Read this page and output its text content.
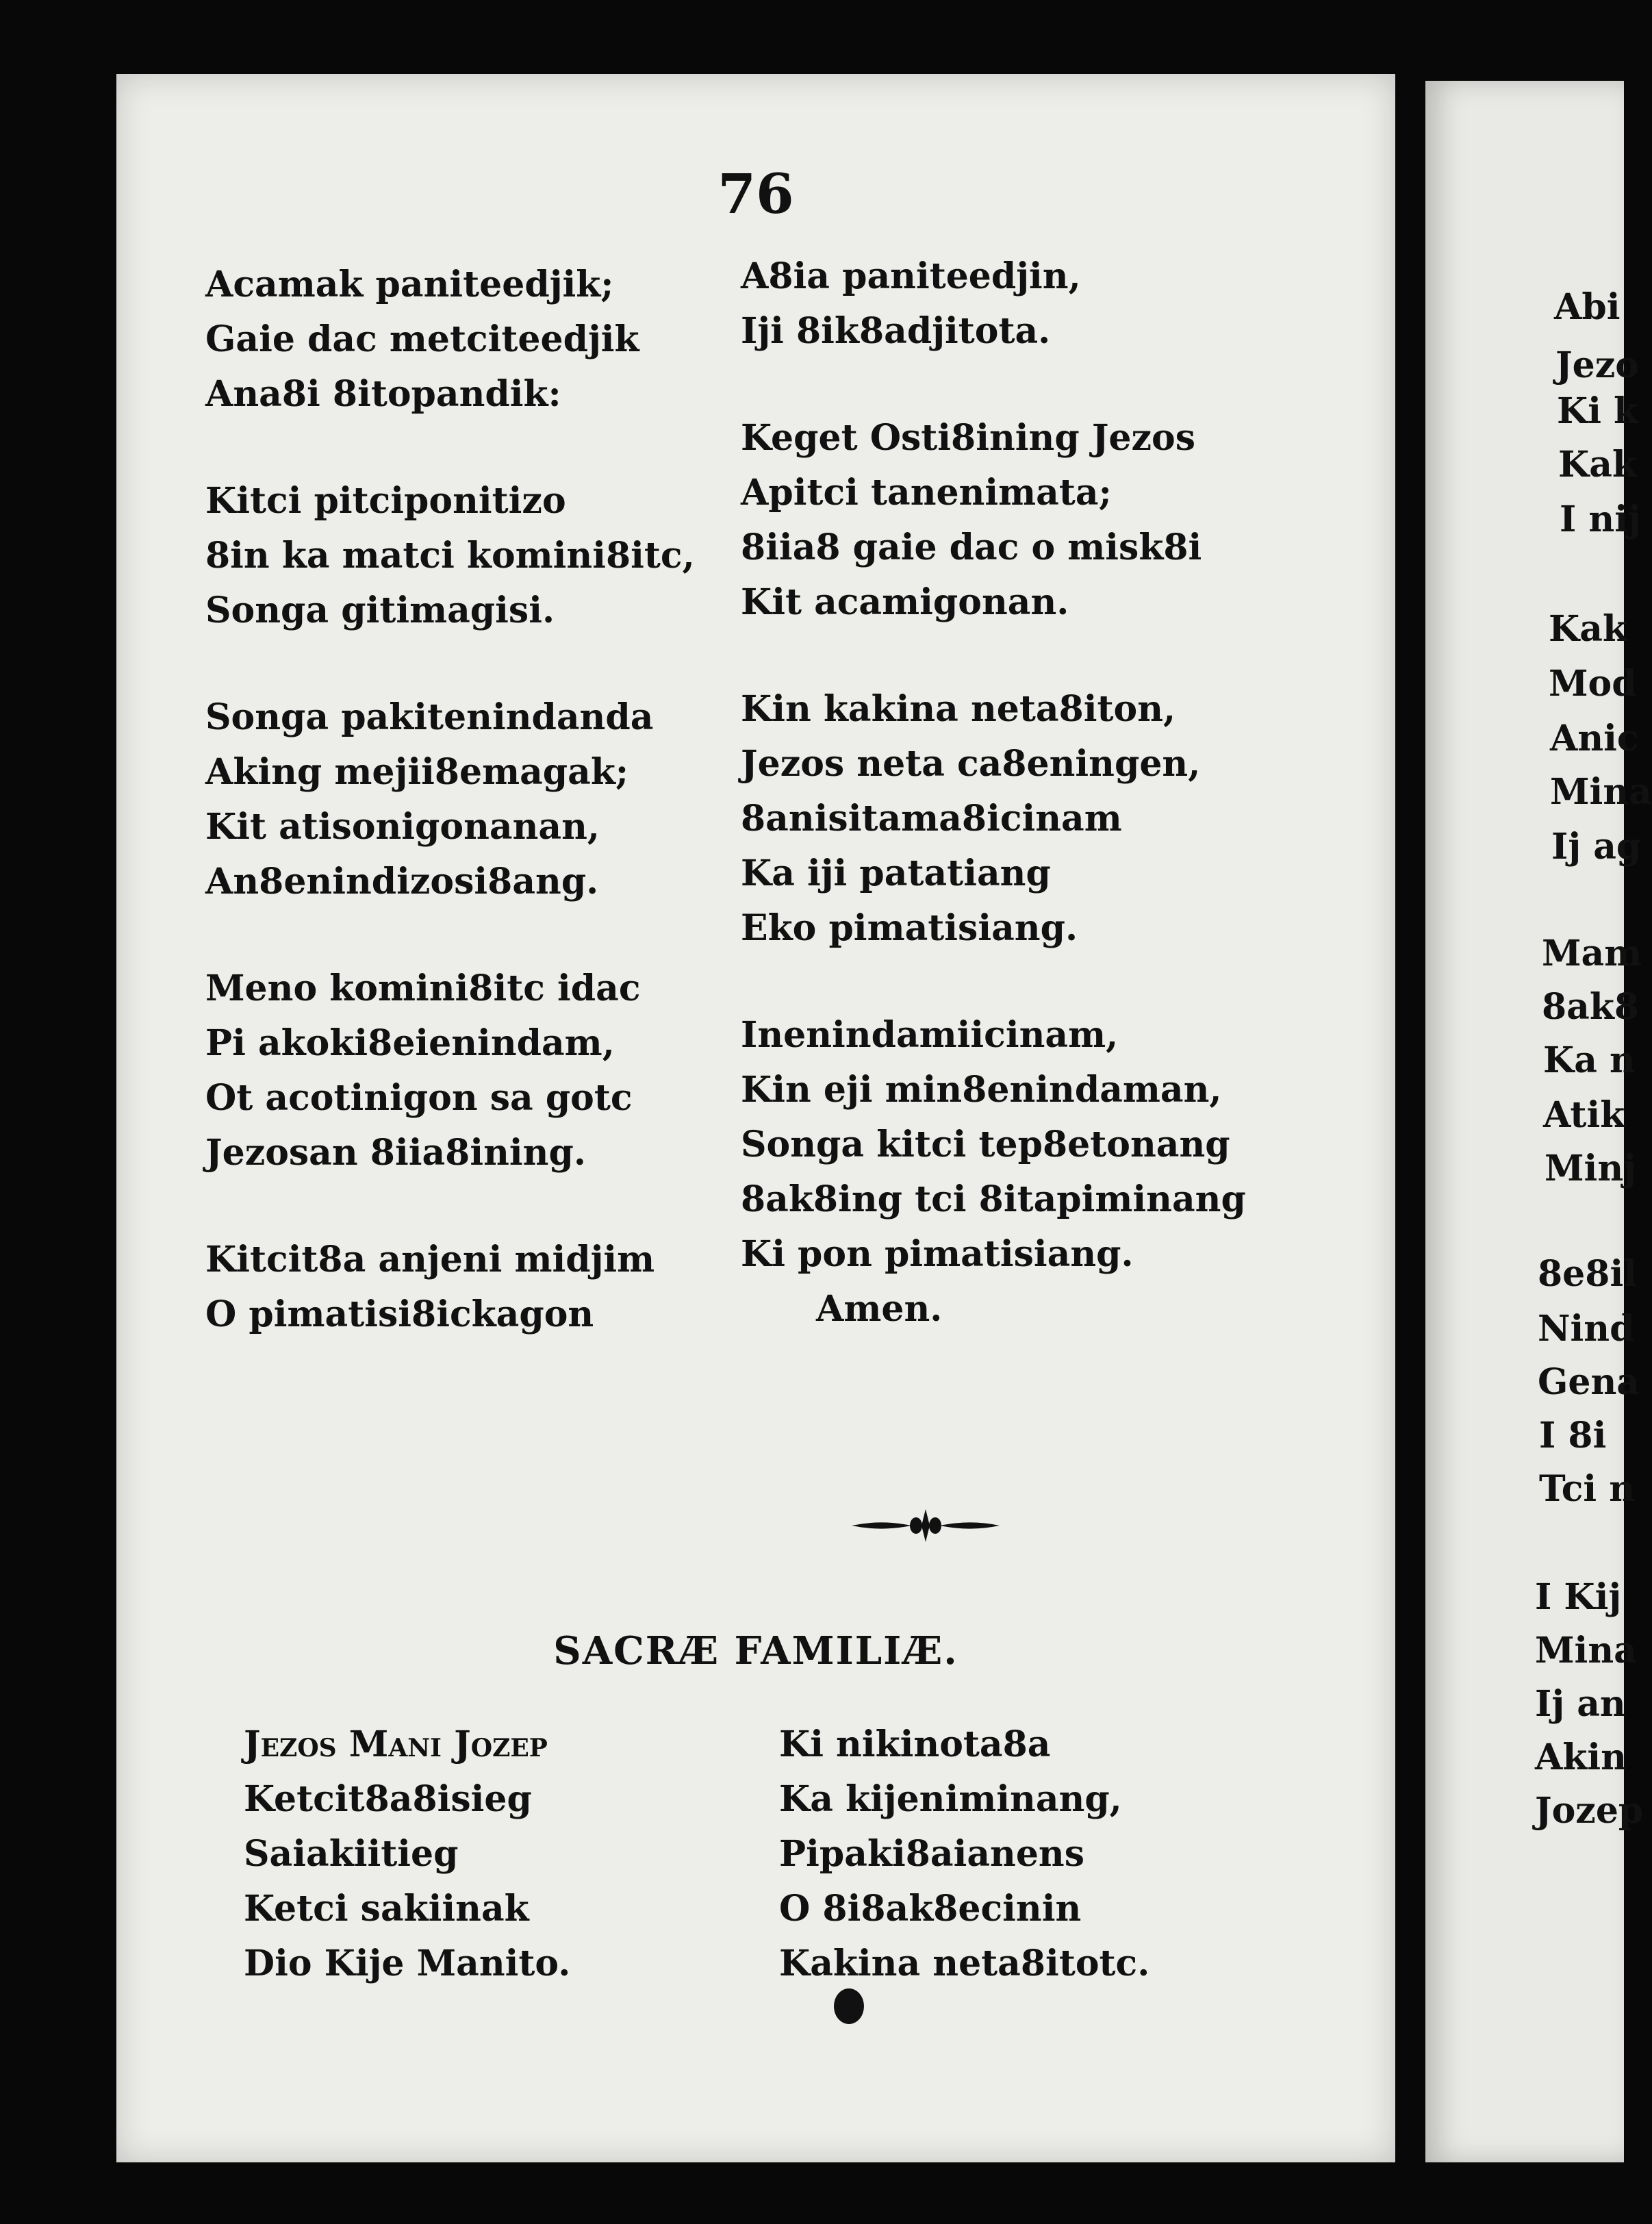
76
Acamak paniteedjik;
Gaie dac metciteedjik
Ana8i 8itopandik:
Kitci pitciponitizo
8in ka matci komini8itc,
Songa gitimagisi.
Songa pakitenindanda
Aking mejii8emagak;
Kit atisonigonanan,
An8enindizosi8ang.
Meno komini8itc idac
Pi akoki8eienindam,
Ot acotinigon sa gotc
Jezosan 8iia8ining.
Kitcit8a anjeni midjim
O pimatisi8ickagon
A8ia paniteedjin,
Iji 8ik8adjitota.
Keget Osti8ining Jezos
Apitci tanenimata;
8iia8 gaie dac o misk8i
Kit acamigonan.
Kin kakina neta8iton,
Jezos neta ca8eningen,
8anisitama8icinam
Ka iji patatiang
Eko pimatisiang.
Inenindamiicinam,
Kin eji min8enindaman,
Songa kitci tep8etonang
8ak8ing tci 8itapiminang
Ki pon pimatisiang.
Amen.
SACRÆ FAMILIÆ.
Jezos Mani Jozep
Ketcit8a8isieg
Saiakiitieg
Ketci sakiinak
Dio Kije Manito.
Ki nikinota8a
Ka kijeniminang,
Pipaki8aianens
O 8i8ak8ecinin
Kakina neta8itotc.
Abi
Jezo
Ki k
Kak
I nij
Kak
Mod
Anic
Mina
Ij ag
Mam
8ak8
Ka n
Atik
Minj
8e8il
Nind
Gena
I 8i
Tci n
I Kij
Mina
Ij an
Akin
Jozep
